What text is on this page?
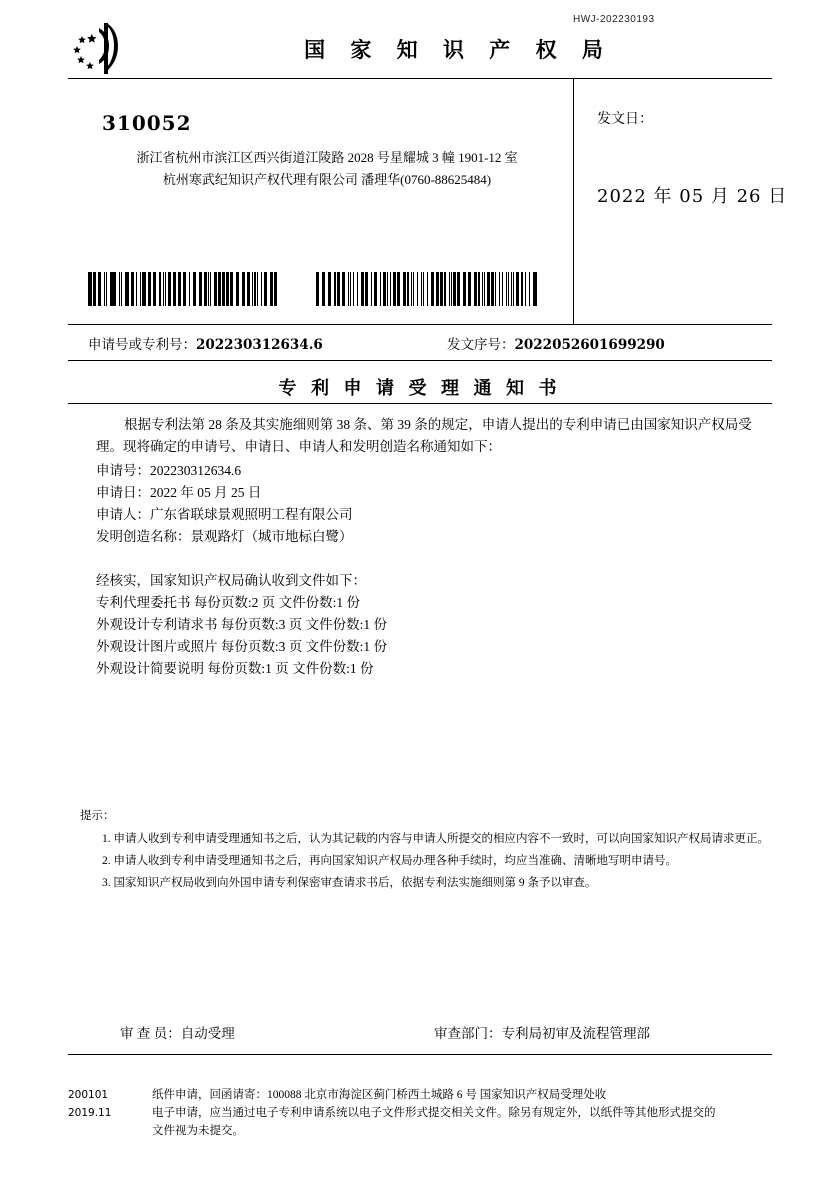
HWJ-202230193
国 家 知 识 产 权 局
310052
浙江省杭州市滨江区西兴街道江陵路 2028 号星耀城 3 幢 1901-12 室
杭州寒武纪知识产权代理有限公司 潘理华(0760-88625484)
发文日：
2022 年 05 月 26 日
申请号或专利号：202230312634.6	发文序号：2022052601699290
专 利 申 请 受 理 通 知 书

根据专利法第 28 条及其实施细则第 38 条、第 39 条的规定，申请人提出的专利申请已由国家知识产权局受理。现将确定的申请号、申请日、申请人和发明创造名称通知如下：

申请号：202230312634.6
申请日：2022 年 05 月 25 日
申请人：广东省联球景观照明工程有限公司
发明创造名称：景观路灯（城市地标白鹭）
经核实，国家知识产权局确认收到文件如下：
专利代理委托书 每份页数:2 页 文件份数:1 份
外观设计专利请求书 每份页数:3 页 文件份数:1 份
外观设计图片或照片 每份页数:3 页 文件份数:1 份
外观设计简要说明 每份页数:1 页 文件份数:1 份
提示：
1. 申请人收到专利申请受理通知书之后，认为其记载的内容与申请人所提交的相应内容不一致时，可以向国家知识产权局请求更正。
2. 申请人收到专利申请受理通知书之后，再向国家知识产权局办理各种手续时，均应当准确、清晰地写明申请号。
3. 国家知识产权局收到向外国申请专利保密审查请求书后，依据专利法实施细则第 9 条予以审查。
审 查 员：自动受理	审查部门：专利局初审及流程管理部
200101
2019.11
纸件申请，回函请寄：100088 北京市海淀区蓟门桥西土城路 6 号 国家知识产权局受理处收
电子申请，应当通过电子专利申请系统以电子文件形式提交相关文件。除另有规定外，以纸件等其他形式提交的
文件视为未提交。
